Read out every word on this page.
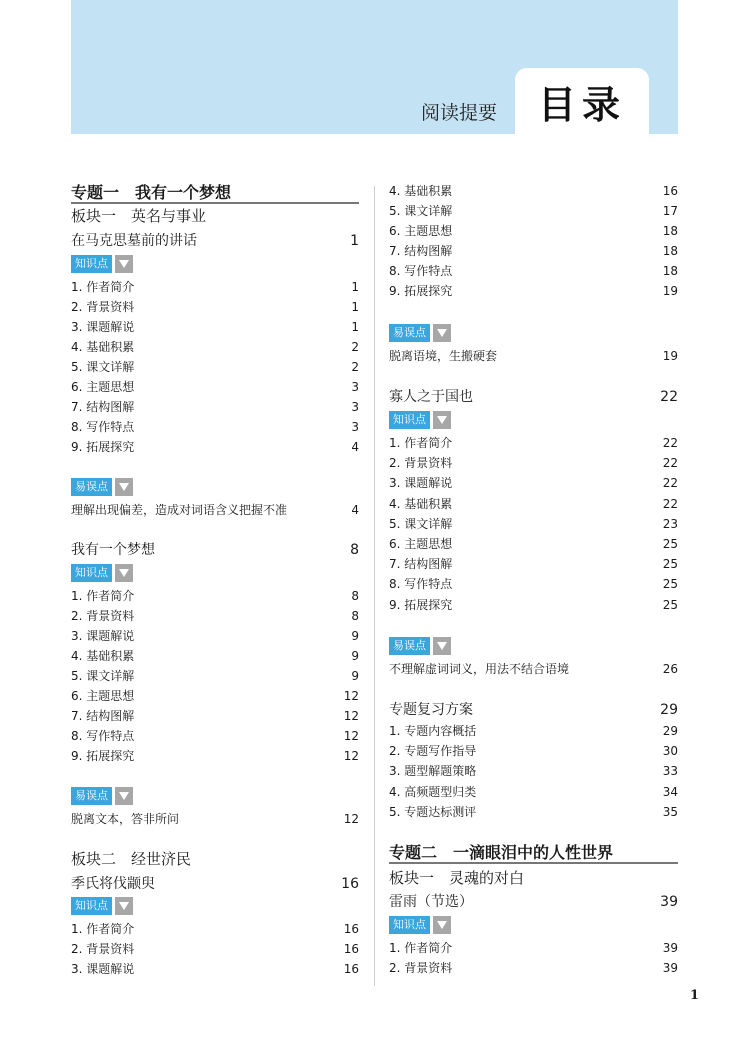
目录
阅读提要
专题一　我有一个梦想
板块一　英名与事业
在马克思墓前的讲话	1
知识点
1. 作者简介	1
2. 背景资料	1
3. 课题解说	1
4. 基础积累	2
5. 课文详解	2
6. 主题思想	3
7. 结构图解	3
8. 写作特点	3
9. 拓展探究	4
易误点
理解出现偏差，造成对词语含义把握不准	4
我有一个梦想	8
知识点
1. 作者简介	8
2. 背景资料	8
3. 课题解说	9
4. 基础积累	9
5. 课文详解	9
6. 主题思想	12
7. 结构图解	12
8. 写作特点	12
9. 拓展探究	12
易误点
脱离文本，答非所问	12
板块二　经世济民
季氏将伐颛臾	16
知识点
1. 作者简介	16
2. 背景资料	16
3. 课题解说	16
4. 基础积累	16
5. 课文详解	17
6. 主题思想	18
7. 结构图解	18
8. 写作特点	18
9. 拓展探究	19
易误点
脱离语境，生搬硬套	19
寡人之于国也	22
知识点
1. 作者简介	22
2. 背景资料	22
3. 课题解说	22
4. 基础积累	22
5. 课文详解	23
6. 主题思想	25
7. 结构图解	25
8. 写作特点	25
9. 拓展探究	25
易误点
不理解虚词词义，用法不结合语境	26
专题复习方案	29
1. 专题内容概括	29
2. 专题写作指导	30
3. 题型解题策略	33
4. 高频题型归类	34
5. 专题达标测评	35
专题二　一滴眼泪中的人性世界
板块一　灵魂的对白
雷雨（节选）	39
知识点
1. 作者简介	39
2. 背景资料	39
1
